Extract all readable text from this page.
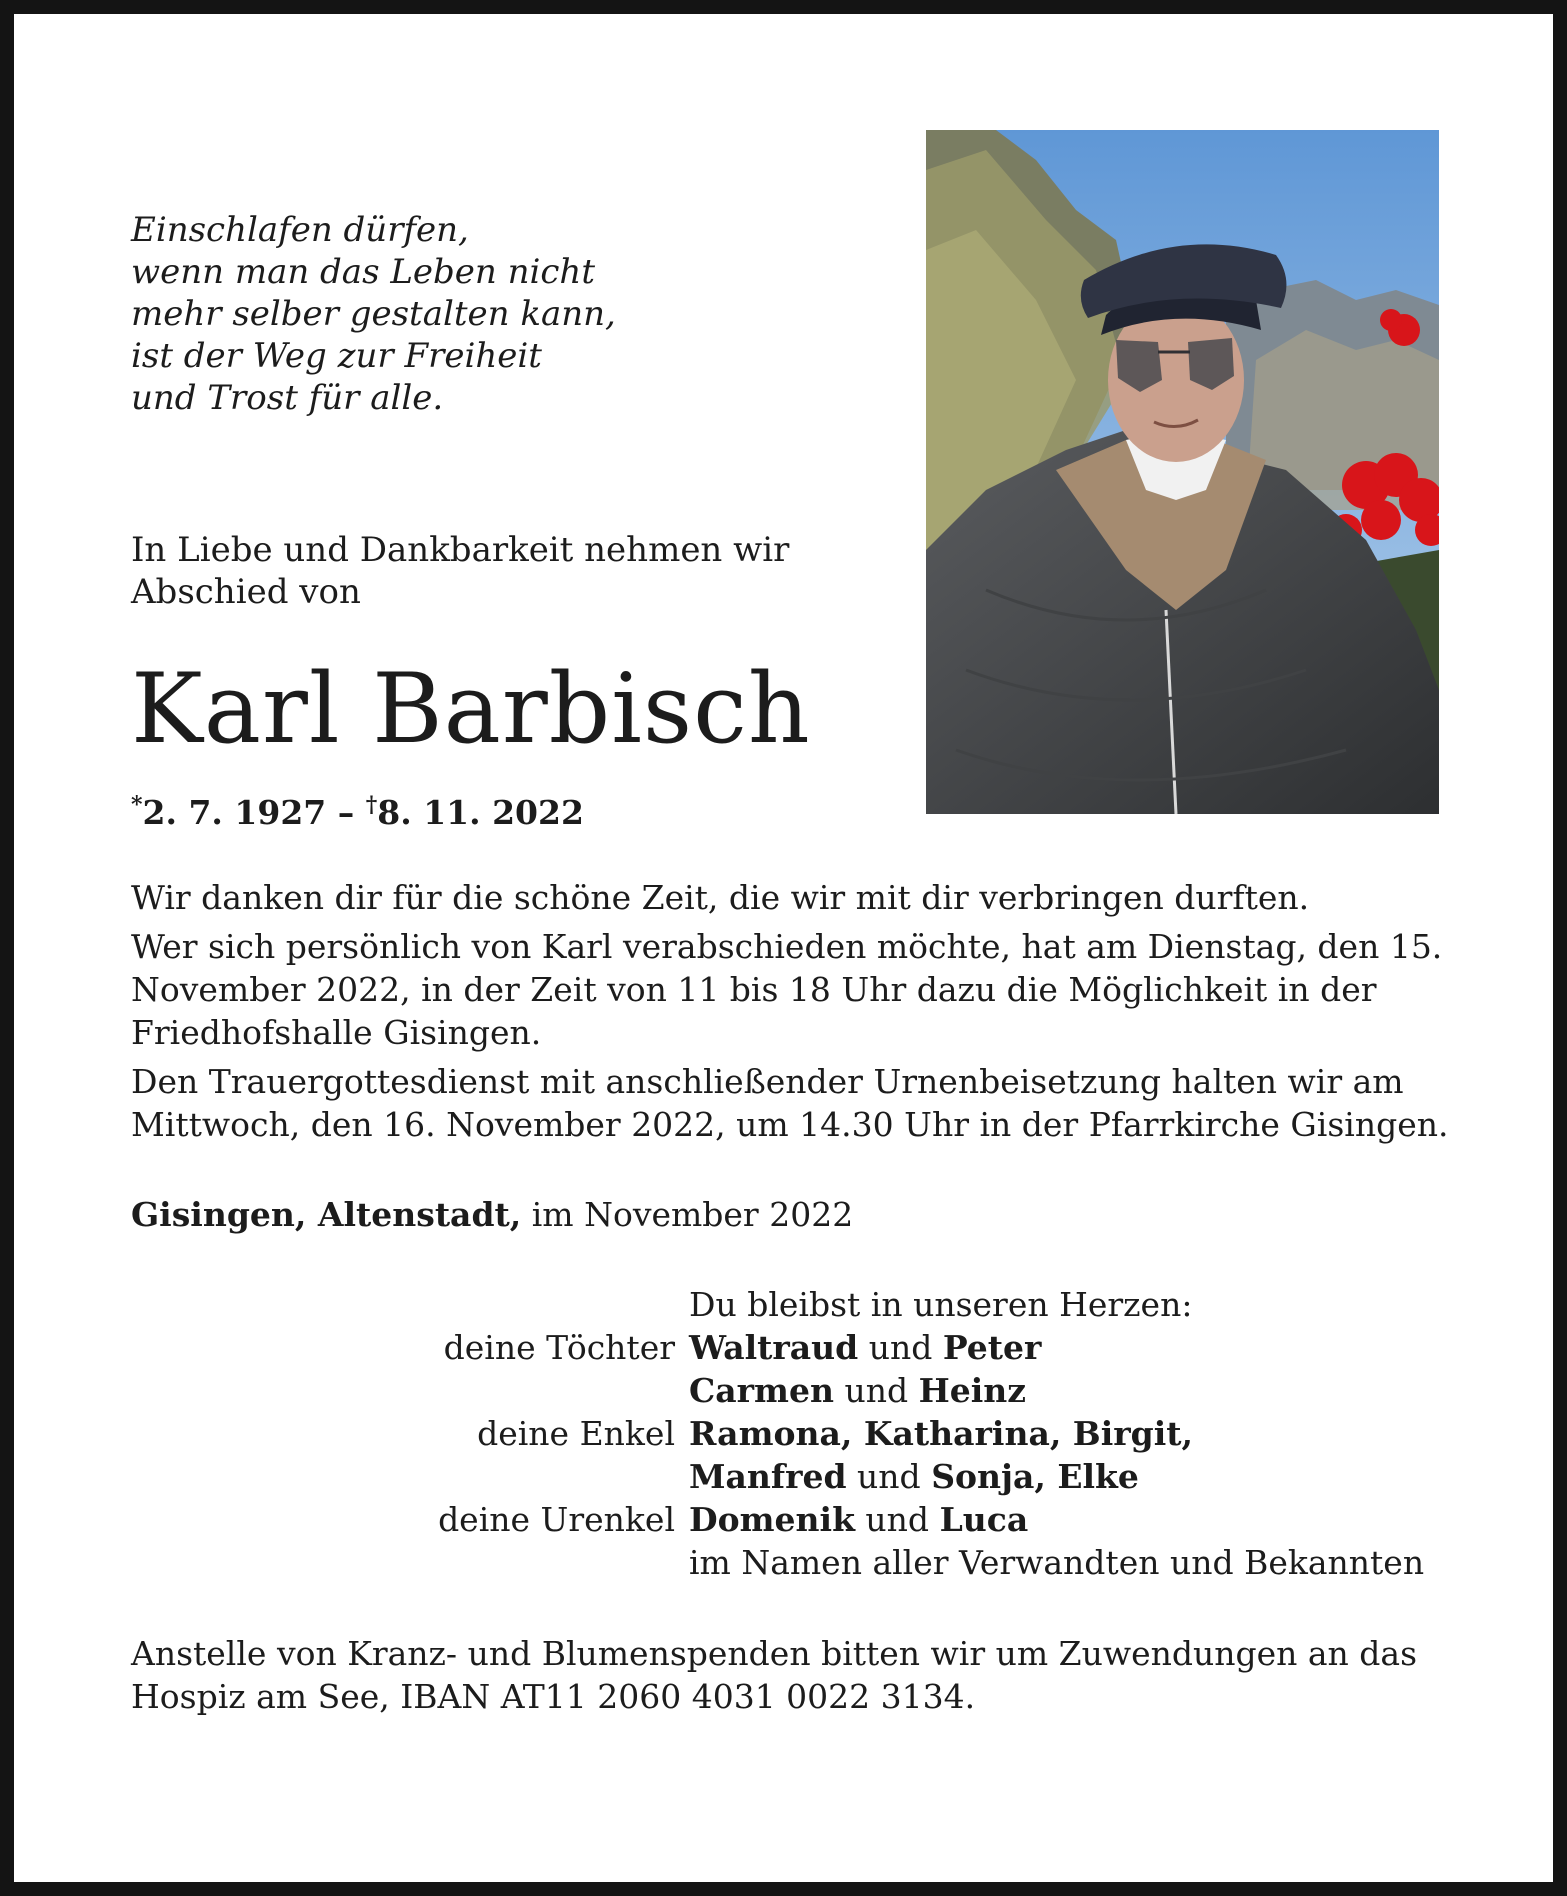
Einschlafen dürfen,
wenn man das Leben nicht
mehr selber gestalten kann,
ist der Weg zur Freiheit
und Trost für alle.
In Liebe und Dankbarkeit nehmen wir
Abschied von
Karl Barbisch
*2. 7. 1927 – †8. 11. 2022

Wir danken dir für die schöne Zeit, die wir mit dir verbringen durften.

Wer sich persönlich von Karl verabschieden möchte, hat am Dienstag, den 15. November 2022, in der Zeit von 11 bis 18 Uhr dazu die Möglichkeit in der Friedhofshalle Gisingen.

Den Trauergottesdienst mit anschließender Urnenbeisetzung halten wir am Mittwoch, den 16. November 2022, um 14.30 Uhr in der Pfarrkirche Gisingen.

Gisingen, Altenstadt, im November 2022
Du bleibst in unseren Herzen:
deine Töchter Waltraud und Peter
Carmen und Heinz
deine Enkel Ramona, Katharina, Birgit,
Manfred und Sonja, Elke
deine Urenkel Domenik und Luca
im Namen aller Verwandten und Bekannten
Anstelle von Kranz- und Blumenspenden bitten wir um Zuwendungen an das
Hospiz am See, IBAN AT11 2060 4031 0022 3134.
